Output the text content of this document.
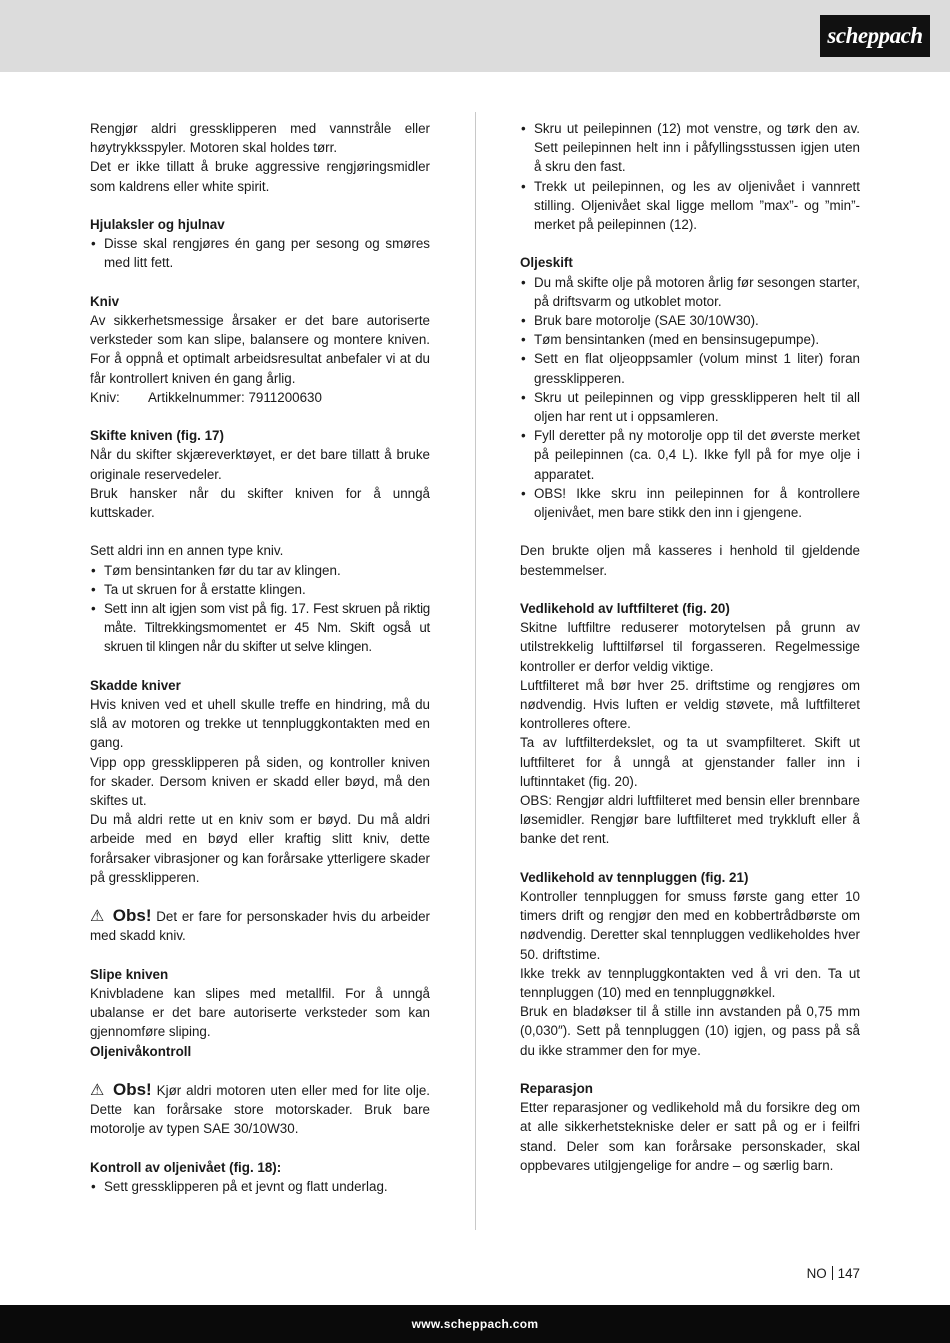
scheppach

Rengjør aldri gressklipperen med vannstråle eller høytrykksspyler. Motoren skal holdes tørr.

Det er ikke tillatt å bruke aggressive rengjøringsmidler som kaldrens eller white spirit.

Hjulaksler og hjulnav

• Disse skal rengjøres én gang per sesong og smøres med litt fett.

Kniv

Av sikkerhetsmessige årsaker er det bare autoriserte verksteder som kan slipe, balansere og montere kniven. For å oppnå et optimalt arbeidsresultat anbefaler vi at du får kontrollert kniven én gang årlig.

Kniv:	Artikkelnummer: 7911200630

Skifte kniven (fig. 17)

Når du skifter skjæreverktøyet, er det bare tillatt å bruke originale reservedeler.

Bruk hansker når du skifter kniven for å unngå kuttskader.

Sett aldri inn en annen type kniv.

• Tøm bensintanken før du tar av klingen.
• Ta ut skruen for å erstatte klingen.
• Sett inn alt igjen som vist på fig. 17. Fest skruen på riktig måte. Tiltrekkingsmomentet er 45 Nm. Skift også ut skruen til klingen når du skifter ut selve klingen.

Skadde kniver

Hvis kniven ved et uhell skulle treffe en hindring, må du slå av motoren og trekke ut tennpluggkontakten med en gang.

Vipp opp gressklipperen på siden, og kontroller kniven for skader. Dersom kniven er skadd eller bøyd, må den skiftes ut.

Du må aldri rette ut en kniv som er bøyd. Du må aldri arbeide med en bøyd eller kraftig slitt kniv, dette forårsaker vibrasjoner og kan forårsake ytterligere skader på gressklipperen.

⚠ Obs! Det er fare for personskader hvis du arbeider med skadd kniv.

Slipe kniven

Knivbladene kan slipes med metallfil. For å unngå ubalanse er det bare autoriserte verksteder som kan gjennomføre sliping.

Oljenivåkontroll

⚠ Obs! Kjør aldri motoren uten eller med for lite olje. Dette kan forårsake store motorskader. Bruk bare motorolje av typen SAE 30/10W30.

Kontroll av oljenivået (fig. 18):

• Sett gressklipperen på et jevnt og flatt underlag.
• Skru ut peilepinnen (12) mot venstre, og tørk den av. Sett peilepinnen helt inn i påfyllingsstussen igjen uten å skru den fast.
• Trekk ut peilepinnen, og les av oljenivået i vannrett stilling. Oljenivået skal ligge mellom ”max”- og ”min”-merket på peilepinnen (12).

Oljeskift

• Du må skifte olje på motoren årlig før sesongen starter, på driftsvarm og utkoblet motor.
• Bruk bare motorolje (SAE 30/10W30).
• Tøm bensintanken (med en bensinsugepumpe).
• Sett en flat oljeoppsamler (volum minst 1 liter) foran gressklipperen.
• Skru ut peilepinnen og vipp gressklipperen helt til all oljen har rent ut i oppsamleren.
• Fyll deretter på ny motorolje opp til det øverste merket på peilepinnen (ca. 0,4 L). Ikke fyll på for mye olje i apparatet.
• OBS! Ikke skru inn peilepinnen for å kontrollere oljenivået, men bare stikk den inn i gjengene.

Den brukte oljen må kasseres i henhold til gjeldende bestemmelser.

Vedlikehold av luftfilteret (fig. 20)

Skitne luftfiltre reduserer motorytelsen på grunn av utilstrekkelig lufttilførsel til forgasseren. Regelmessige kontroller er derfor veldig viktige.

Luftfilteret må bør hver 25. driftstime og rengjøres om nødvendig. Hvis luften er veldig støvete, må luftfilteret kontrolleres oftere.

Ta av luftfilterdekslet, og ta ut svampfilteret. Skift ut luftfilteret for å unngå at gjenstander faller inn i luftinntaket (fig. 20).

OBS: Rengjør aldri luftfilteret med bensin eller brennbare løsemidler. Rengjør bare luftfilteret med trykkluft eller å banke det rent.

Vedlikehold av tennpluggen (fig. 21)

Kontroller tennpluggen for smuss første gang etter 10 timers drift og rengjør den med en kobbertrådbørste om nødvendig. Deretter skal tennpluggen vedlikeholdes hver 50. driftstime.

Ikke trekk av tennpluggkontakten ved å vri den. Ta ut tennpluggen (10) med en tennpluggnøkkel.

Bruk en bladøkser til å stille inn avstanden på 0,75 mm (0,030″). Sett på tennpluggen (10) igjen, og pass på så du ikke strammer den for mye.

Reparasjon

Etter reparasjoner og vedlikehold må du forsikre deg om at alle sikkerhetstekniske deler er satt på og er i feilfri stand. Deler som kan forårsake personskader, skal oppbevares utilgjengelige for andre – og særlig barn.

NO 147
www.scheppach.com
